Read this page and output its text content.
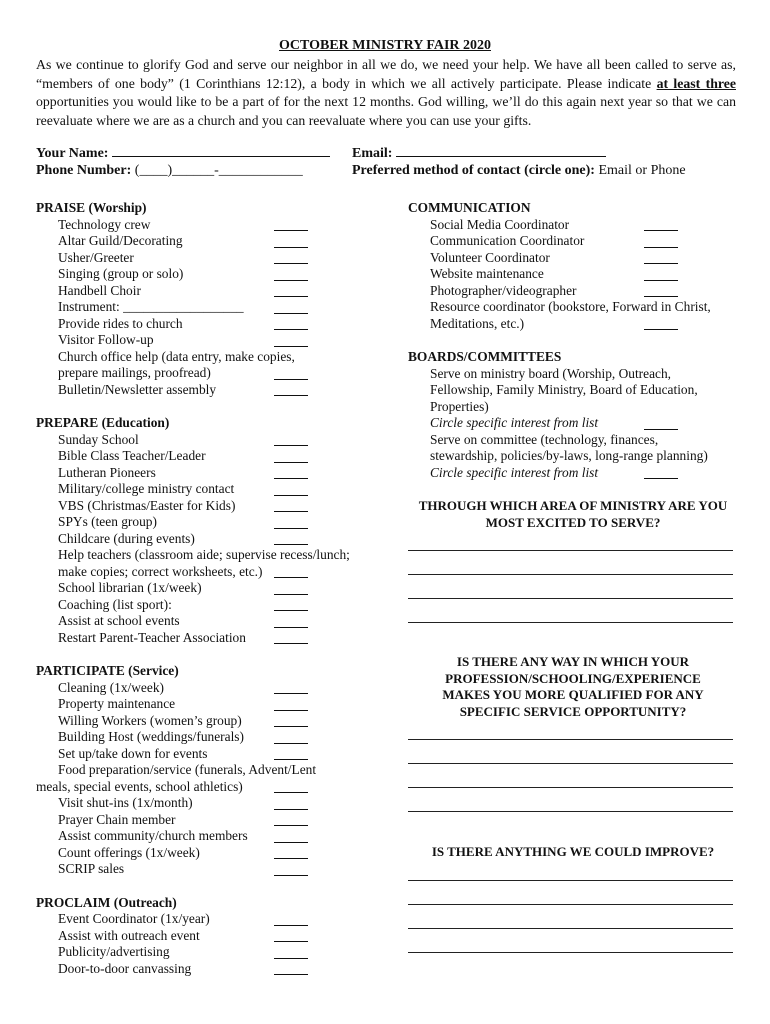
OCTOBER MINISTRY FAIR 2020
As we continue to glorify God and serve our neighbor in all we do, we need your help. We have all been called to serve as, “members of one body” (1 Corinthians 12:12), a body in which we all actively participate. Please indicate at least three opportunities you would like to be a part of for the next 12 months. God willing, we’ll do this again next year so that we can reevaluate where we are as a church and you can reevaluate where you can use your gifts.
Your Name:	Email:
Phone Number: (____)______-____________	Preferred method of contact (circle one): Email or Phone
PRAISE (Worship)
Technology crew
Altar Guild/Decorating
Usher/Greeter
Singing (group or solo)
Handbell Choir
Instrument: __________________
Provide rides to church
Visitor Follow-up
Church office help (data entry, make copies, prepare mailings, proofread)
Bulletin/Newsletter assembly
PREPARE (Education)
Sunday School
Bible Class Teacher/Leader
Lutheran Pioneers
Military/college ministry contact
VBS (Christmas/Easter for Kids)
SPYs (teen group)
Childcare (during events)
Help teachers (classroom aide; supervise recess/lunch; make copies; correct worksheets, etc.)
School librarian (1x/week)
Coaching (list sport):
Assist at school events
Restart Parent-Teacher Association
PARTICIPATE (Service)
Cleaning (1x/week)
Property maintenance
Willing Workers (women’s group)
Building Host (weddings/funerals)
Set up/take down for events
Food preparation/service (funerals, Advent/Lent meals, special events, school athletics)
Visit shut-ins (1x/month)
Prayer Chain member
Assist community/church members
Count offerings (1x/week)
SCRIP sales
PROCLAIM (Outreach)
Event Coordinator (1x/year)
Assist with outreach event
Publicity/advertising
Door-to-door canvassing
COMMUNICATION
Social Media Coordinator
Communication Coordinator
Volunteer Coordinator
Website maintenance
Photographer/videographer
Resource coordinator (bookstore, Forward in Christ, Meditations, etc.)
BOARDS/COMMITTEES
Serve on ministry board (Worship, Outreach, Fellowship, Family Ministry, Board of Education, Properties)
Circle specific interest from list
Serve on committee (technology, finances, stewardship, policies/by-laws, long-range planning)
Circle specific interest from list
THROUGH WHICH AREA OF MINISTRY ARE YOU MOST EXCITED TO SERVE?
IS THERE ANY WAY IN WHICH YOUR PROFESSION/SCHOOLING/EXPERIENCE MAKES YOU MORE QUALIFIED FOR ANY SPECIFIC SERVICE OPPORTUNITY?
IS THERE ANYTHING WE COULD IMPROVE?
